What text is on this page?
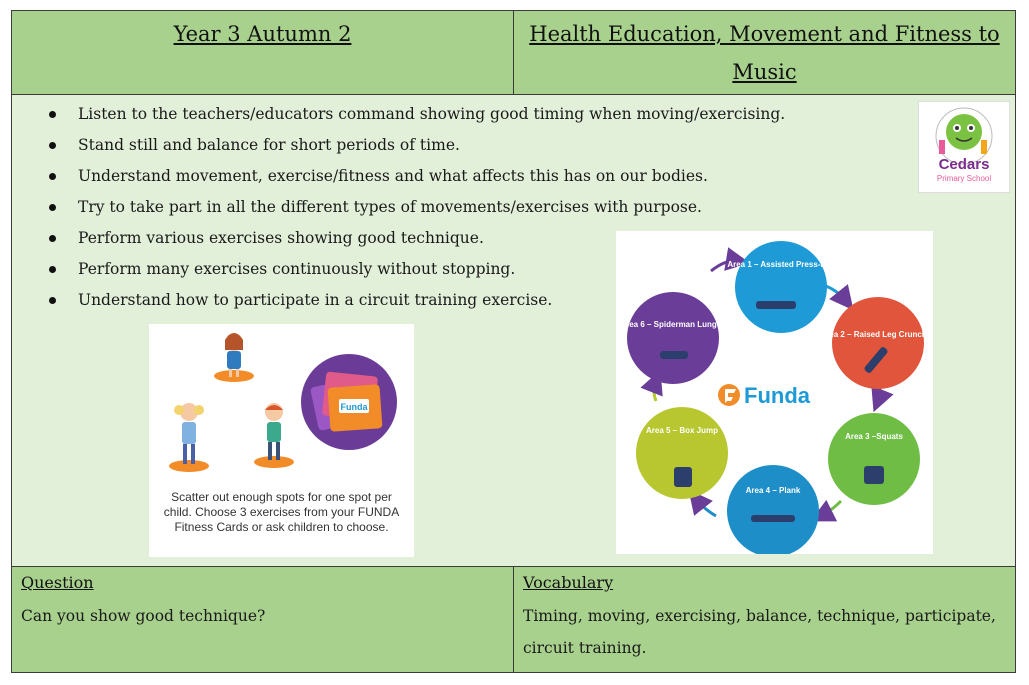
Year 3 Autumn 2	Health Education, Movement and Fitness to Music
Listen to the teachers/educators command showing good timing when moving/exercising.
Stand still and balance for short periods of time.
Understand movement, exercise/fitness and what affects this has on our bodies.
Try to take part in all the different types of movements/exercises with purpose.
Perform various exercises showing good technique.
Perform many exercises continuously without stopping.
Understand how to participate in a circuit training exercise.
Question
Can you show good technique?
Vocabulary
Timing, moving, exercising, balance, technique, participate, circuit training.
Cedars
Primary School
Funda
Scatter out enough spots for one spot per child. Choose 3 exercises from your FUNDA Fitness Cards or ask children to choose.
Area 1 – Assisted Press-ups
Area 2 – Raised Leg Crunches
Area 3 –Squats
Area 4 – Plank
Area 5 – Box Jump
Area 6 – Spiderman Lunges
Funda
